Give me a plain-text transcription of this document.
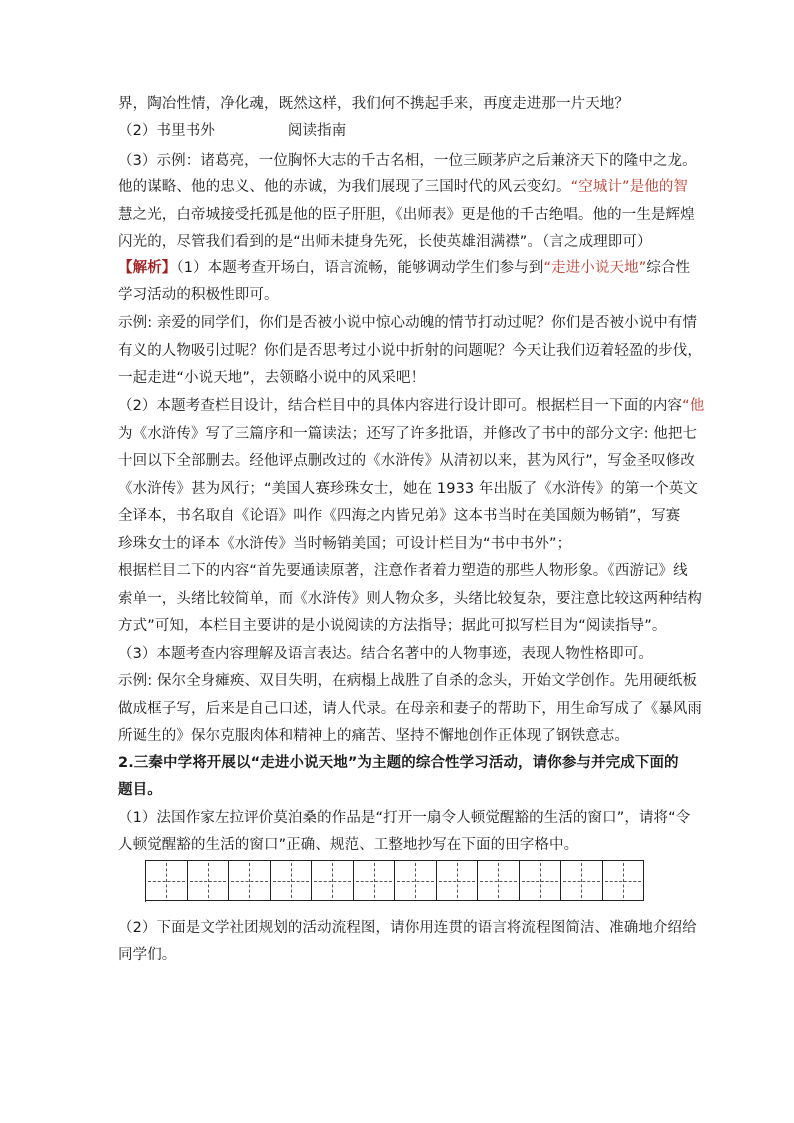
界，陶冶性情，净化魂，既然这样，我们何不携起手来，再度走进那一片天地？
（2）书里书外　　　　　阅读指南
（3）示例：诸葛亮，一位胸怀大志的千古名相，一位三顾茅庐之后兼济天下的隆中之龙。
他的谋略、他的忠义、他的赤诚，为我们展现了三国时代的风云变幻。“空城计”是他的智
慧之光，白帝城接受托孤是他的臣子肝胆，《出师表》更是他的千古绝唱。他的一生是辉煌
闪光的，尽管我们看到的是“出师未捷身先死，长使英雄泪满襟”。（言之成理即可）
【解析】（1）本题考查开场白，语言流畅，能够调动学生们参与到“走进小说天地”综合性
学习活动的积极性即可。
示例: 亲爱的同学们，你们是否被小说中惊心动魄的情节打动过呢？你们是否被小说中有情
有义的人物吸引过呢？你们是否思考过小说中折射的问题呢？今天让我们迈着轻盈的步伐，
一起走进“小说天地”，去领略小说中的风采吧！
（2）本题考查栏目设计，结合栏目中的具体内容进行设计即可。根据栏目一下面的内容“他
为《水浒传》写了三篇序和一篇读法；还写了许多批语，并修改了书中的部分文字: 他把七
十回以下全部删去。经他评点删改过的《水浒传》从清初以来，甚为风行”，写金圣叹修改
《水浒传》甚为风行；“美国人赛珍珠女士，她在 1933 年出版了《水浒传》的第一个英文
全译本，书名取自《论语》叫作《四海之内皆兄弟》这本书当时在美国颇为畅销”，写赛
珍珠女士的译本《水浒传》当时畅销美国；可设计栏目为“书中书外”；
根据栏目二下的内容“首先要通读原著，注意作者着力塑造的那些人物形象。《西游记》线
索单一，头绪比较简单，而《水浒传》则人物众多，头绪比较复杂，要注意比较这两种结构
方式”可知，本栏目主要讲的是小说阅读的方法指导；据此可拟写栏目为“阅读指导”。
（3）本题考查内容理解及语言表达。结合名著中的人物事迹，表现人物性格即可。
示例: 保尔全身瘫痪、双目失明，在病榻上战胜了自杀的念头，开始文学创作。先用硬纸板
做成框子写，后来是自己口述，请人代录。在母亲和妻子的帮助下，用生命写成了《暴风雨
所诞生的》保尔克服肉体和精神上的痛苦、坚持不懈地创作正体现了钢铁意志。
2.三秦中学将开展以“走进小说天地”为主题的综合性学习活动，请你参与并完成下面的
题目。
（1）法国作家左拉评价莫泊桑的作品是“打开一扇令人顿觉醒豁的生活的窗口”，请将“令
人顿觉醒豁的生活的窗口”正确、规范、工整地抄写在下面的田字格中。
（2）下面是文学社团规划的活动流程图，请你用连贯的语言将流程图简洁、准确地介绍给
同学们。
